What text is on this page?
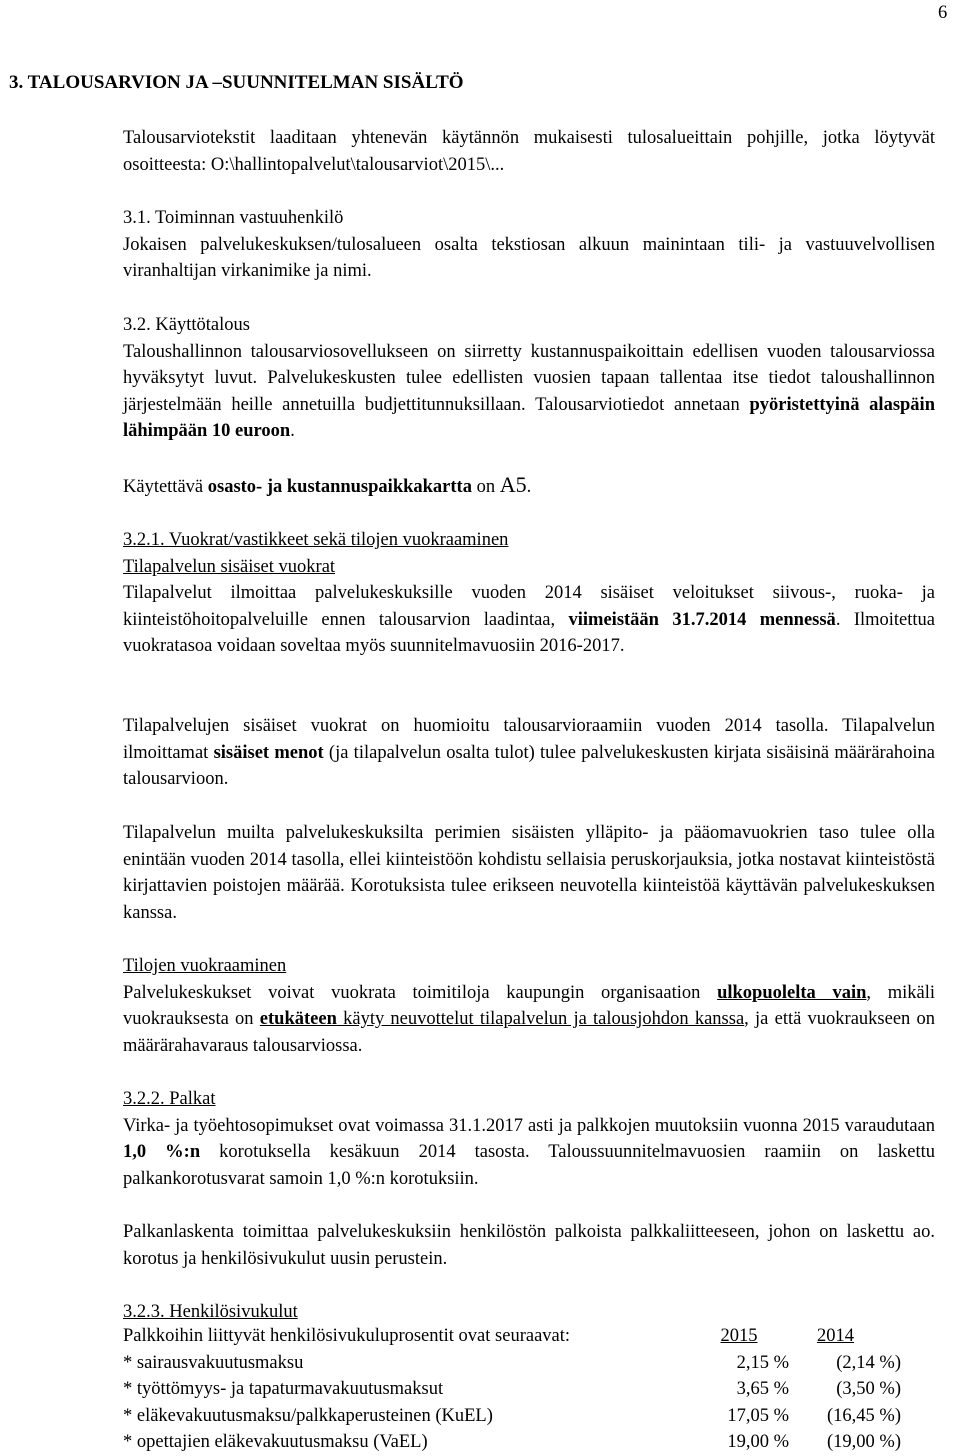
6
3. TALOUSARVION JA –SUUNNITELMAN SISÄLTÖ
Talousarviotekstit laaditaan yhtenevän käytännön mukaisesti tulosalueittain pohjille, jotka löytyvät osoitteesta: O:\hallintopalvelut\talousarviot\2015\...
3.1. Toiminnan vastuuhenkilö
Jokaisen palvelukeskuksen/tulosalueen osalta tekstiosan alkuun mainintaan tili- ja vastuuvelvollisen viranhaltijan virkanimike ja nimi.
3.2. Käyttötalous
Taloushallinnon talousarviosovellukseen on siirretty kustannuspaikoittain edellisen vuoden talousarviossa hyväksytyt luvut. Palvelukeskusten tulee edellisten vuosien tapaan tallentaa itse tiedot taloushallinnon järjestelmään heille annetuilla budjettitunnuksillaan. Talousarviotiedot annetaan pyöristettyinä alaspäin lähimpään 10 euroon.
Käytettävä osasto- ja kustannuspaikkakartta on A5.
3.2.1. Vuokrat/vastikkeet sekä tilojen vuokraaminen
Tilapalvelun sisäiset vuokrat
Tilapalvelut ilmoittaa palvelukeskuksille vuoden 2014 sisäiset veloitukset siivous-, ruoka- ja kiinteistöhoitopalveluille ennen talousarvion laadintaa, viimeistään 31.7.2014 mennessä. Ilmoitettua vuokratasoa voidaan soveltaa myös suunnitelmavuosiin 2016-2017.
Tilapalvelujen sisäiset vuokrat on huomioitu talousarvioraamiin vuoden 2014 tasolla. Tilapalvelun ilmoittamat sisäiset menot (ja tilapalvelun osalta tulot) tulee palvelukeskusten kirjata sisäisinä määrärahoina talousarvioon.
Tilapalvelun muilta palvelukeskuksilta perimien sisäisten ylläpito- ja pääomavuokrien taso tulee olla enintään vuoden 2014 tasolla, ellei kiinteistöön kohdistu sellaisia peruskorjauksia, jotka nostavat kiinteistöstä kirjattavien poistojen määrää. Korotuksista tulee erikseen neuvotella kiinteistöä käyttävän palvelukeskuksen kanssa.
Tilojen vuokraaminen
Palvelukeskukset voivat vuokrata toimitiloja kaupungin organisaation ulkopuolelta vain, mikäli vuokrauksesta on etukäteen käyty neuvottelut tilapalvelun ja talousjohdon kanssa, ja että vuokraukseen on määrärahavaraus talousarviossa.
3.2.2. Palkat
Virka- ja työehtosopimukset ovat voimassa 31.1.2017 asti ja palkkojen muutoksiin vuonna 2015 varaudutaan 1,0 %:n korotuksella kesäkuun 2014 tasosta. Taloussuunnitelmavuosien raamiin on laskettu palkankorotusvarat samoin 1,0 %:n korotuksiin.
Palkanlaskenta toimittaa palvelukeskuksiin henkilöstön palkoista palkkaliitteeseen, johon on laskettu ao. korotus ja henkilösivukulut uusin perustein.
3.2.3. Henkilösivukulut
Palkkoihin liittyvät henkilösivukuluprosentit ovat seuraavat:	2015	2014
* sairausvakuutusmaksu	2,15 %	(2,14 %)
* työttömyys- ja tapaturmavakuutusmaksut	3,65 %	(3,50 %)
* eläkevakuutusmaksu/palkkaperusteinen (KuEL)	17,05 %	(16,45 %)
* opettajien eläkevakuutusmaksu (VaEL)	19,00 %	(19,00 %)
